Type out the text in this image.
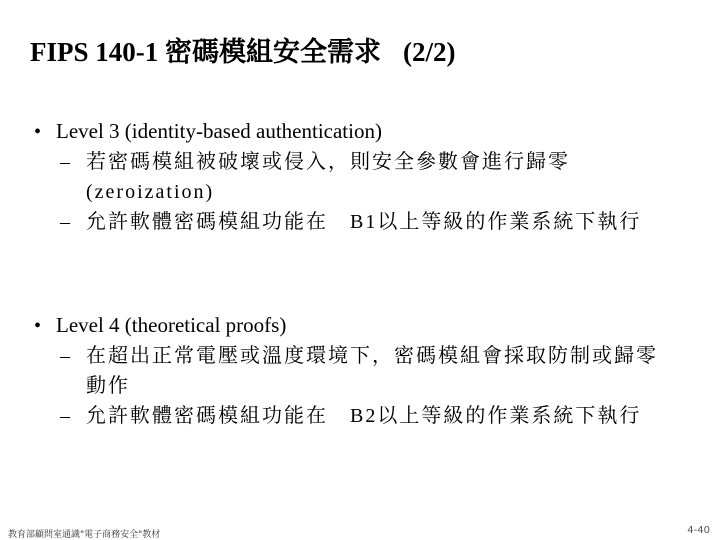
FIPS 140-1 密碼模組安全需求 (2/2)
• Level 3 (identity-based authentication)
– 若密碼模組被破壞或侵入，則安全參數會進行歸零 (zeroization)
– 允許軟體密碼模組功能在　B1以上等級的作業系統下執行
• Level 4 (theoretical proofs)
– 在超出正常電壓或溫度環境下，密碼模組會採取防制或歸零動作
– 允許軟體密碼模組功能在　B2以上等級的作業系統下執行
教育部顧問室通識"電子商務安全"教材	4-40
